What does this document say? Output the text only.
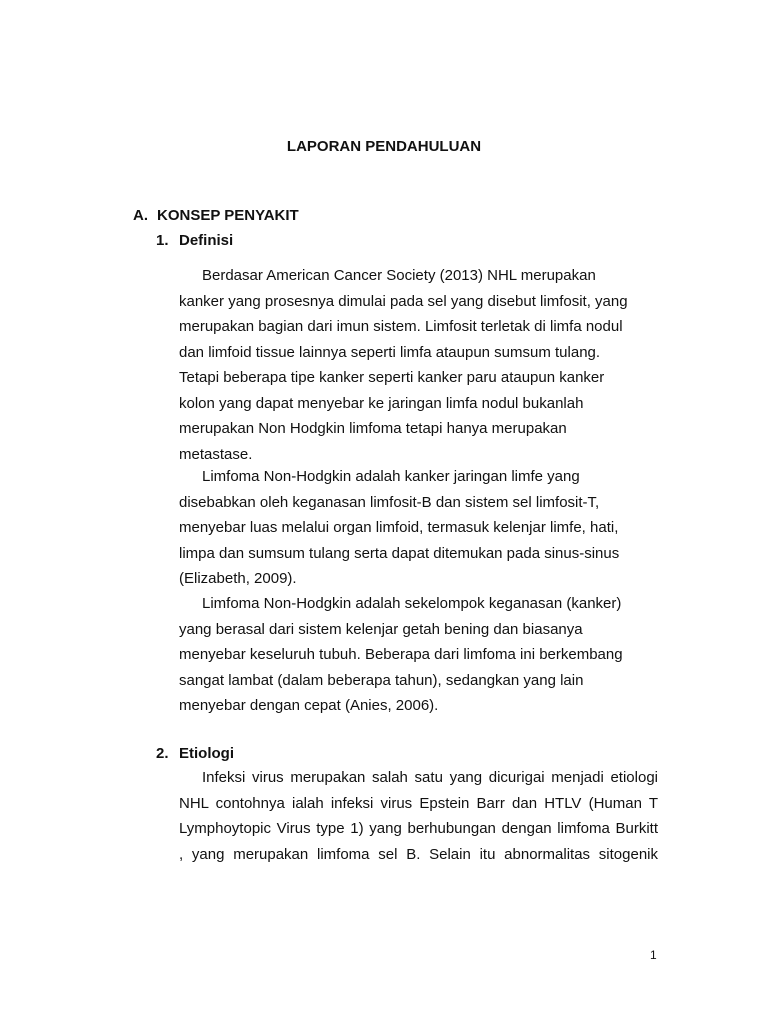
LAPORAN PENDAHULUAN
A. KONSEP PENYAKIT
1. Definisi
Berdasar American Cancer Society (2013) NHL merupakan
kanker yang prosesnya dimulai pada sel yang disebut limfosit, yang
merupakan bagian dari imun sistem. Limfosit terletak di limfa nodul
dan limfoid tissue lainnya seperti limfa ataupun sumsum tulang.
Tetapi beberapa tipe kanker seperti kanker paru ataupun kanker
kolon yang dapat menyebar ke jaringan limfa nodul bukanlah
merupakan Non Hodgkin limfoma tetapi hanya merupakan
metastase.
Limfoma Non-Hodgkin adalah kanker jaringan limfe yang
disebabkan oleh keganasan limfosit-B dan sistem sel limfosit-T,
menyebar luas melalui organ limfoid, termasuk kelenjar limfe, hati,
limpa dan sumsum tulang serta dapat ditemukan pada sinus-sinus
(Elizabeth, 2009).
Limfoma Non-Hodgkin adalah sekelompok keganasan (kanker)
yang berasal dari sistem kelenjar getah bening dan biasanya
menyebar keseluruh tubuh. Beberapa dari limfoma ini berkembang
sangat lambat (dalam beberapa tahun), sedangkan yang lain
menyebar dengan cepat (Anies, 2006).
2. Etiologi
Infeksi virus merupakan salah satu yang dicurigai menjadi etiologi
NHL contohnya ialah infeksi virus Epstein Barr dan HTLV (Human T
Lymphoytopic Virus type 1) yang berhubungan dengan limfoma Burkitt
, yang merupakan limfoma sel B. Selain itu abnormalitas sitogenik

1
